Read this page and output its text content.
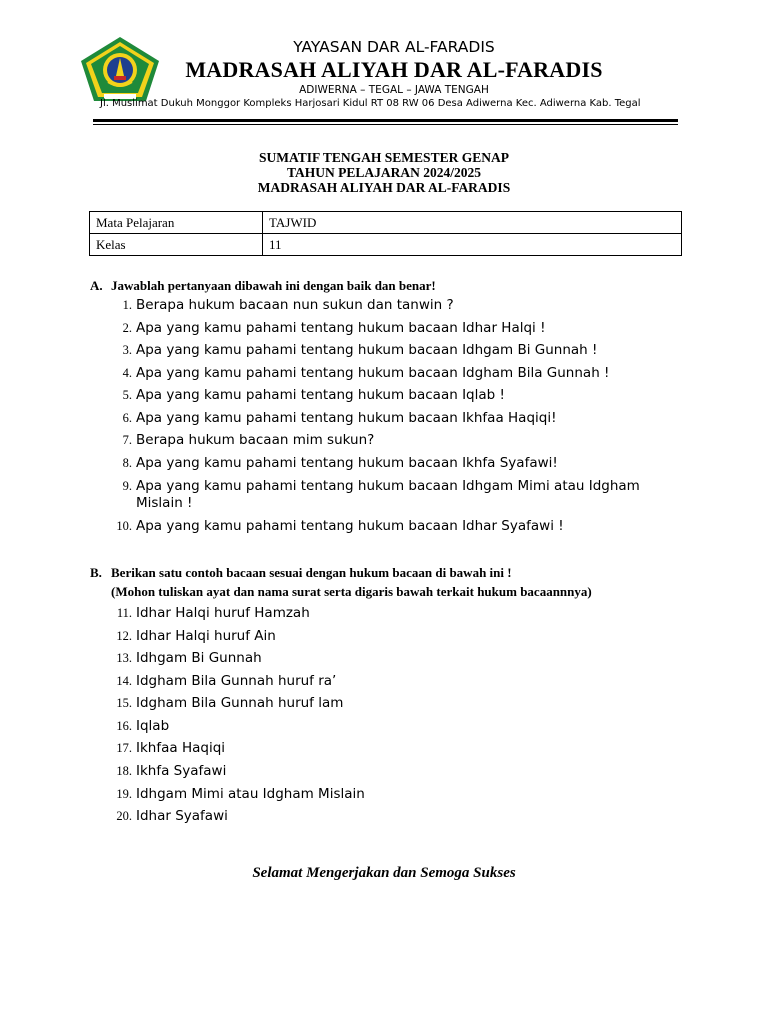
YAYASAN DAR AL-FARADIS
MADRASAH ALIYAH DAR AL-FARADIS
ADIWERNA – TEGAL – JAWA TENGAH
Jl. Muslimat Dukuh Monggor Kompleks Harjosari Kidul RT 08 RW 06 Desa Adiwerna Kec. Adiwerna Kab. Tegal
SUMATIF TENGAH SEMESTER GENAP
TAHUN PELAJARAN 2024/2025
MADRASAH ALIYAH DAR AL-FARADIS
Mata Pelajaran	TAJWID
Kelas	11
A. Jawablah pertanyaan dibawah ini dengan baik dan benar!
1. Berapa hukum bacaan nun sukun dan tanwin ?
2. Apa yang kamu pahami tentang hukum bacaan Idhar Halqi !
3. Apa yang kamu pahami tentang hukum bacaan Idhgam Bi Gunnah !
4. Apa yang kamu pahami tentang hukum bacaan Idgham Bila Gunnah !
5. Apa yang kamu pahami tentang hukum bacaan Iqlab !
6. Apa yang kamu pahami tentang hukum bacaan Ikhfaa Haqiqi!
7. Berapa hukum bacaan mim sukun?
8. Apa yang kamu pahami tentang hukum bacaan Ikhfa Syafawi!
9. Apa yang kamu pahami tentang hukum bacaan Idhgam Mimi atau Idgham Mislain !
10. Apa yang kamu pahami tentang hukum bacaan Idhar Syafawi !
B. Berikan satu contoh bacaan sesuai dengan hukum bacaan di bawah ini !
(Mohon tuliskan ayat dan nama surat serta digaris bawah terkait hukum bacaannnya)
11. Idhar Halqi huruf Hamzah
12. Idhar Halqi huruf Ain
13. Idhgam Bi Gunnah
14. Idgham Bila Gunnah huruf ra’
15. Idgham Bila Gunnah huruf lam
16. Iqlab
17. Ikhfaa Haqiqi
18. Ikhfa Syafawi
19. Idhgam Mimi atau Idgham Mislain
20. Idhar Syafawi
Selamat Mengerjakan dan Semoga Sukses
